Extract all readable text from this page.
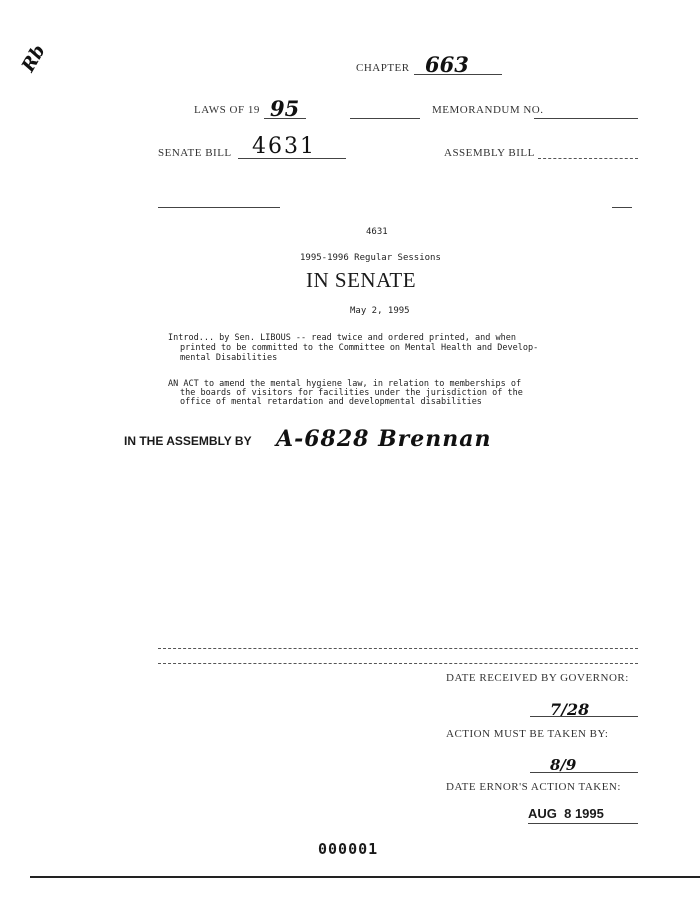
Rb	CHAPTER 663
LAWS OF 19 95	MEMORANDUM NO.
SENATE BILL 4631	ASSEMBLY BILL
4631
1995-1996 Regular Sessions
IN SENATE
May 2, 1995
Introd... by Sen. LIBOUS -- read twice and ordered printed, and when
printed to be committed to the Committee on Mental Health and Develop-
mental Disabilities
AN ACT to amend the mental hygiene law, in relation to memberships of
the boards of visitors for facilities under the jurisdiction of the
office of mental retardation and developmental disabilities
IN THE ASSEMBLY BY A-6828 Brennan
DATE RECEIVED BY GOVERNOR:
7/28
ACTION MUST BE TAKEN BY:
8/9
DATE ERNOR'S ACTION TAKEN:
AUG  8 1995
000001
